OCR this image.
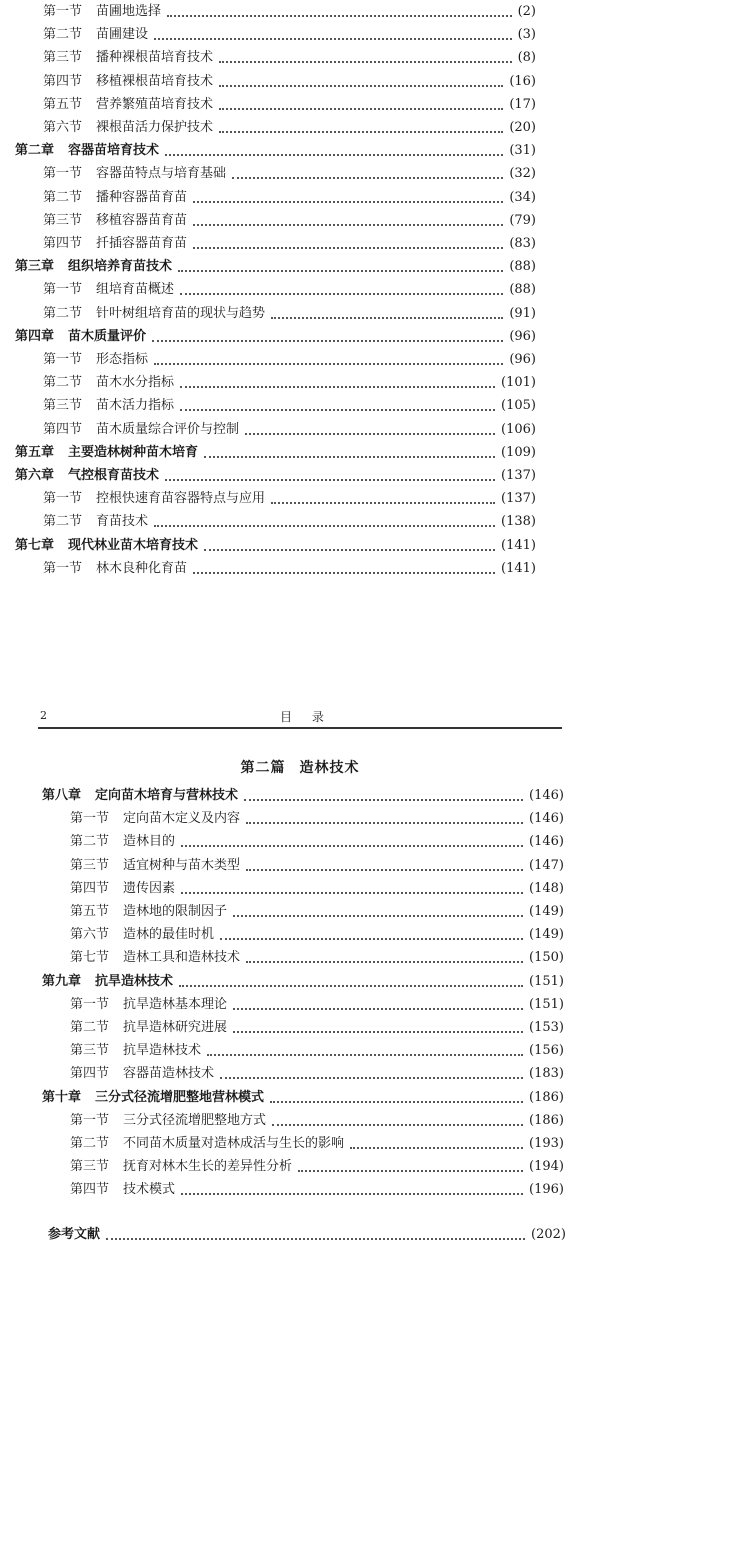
第一节 苗圃地选择	(2)
第二节 苗圃建设	(3)
第三节 播种裸根苗培育技术	(8)
第四节 移植裸根苗培育技术	(16)
第五节 营养繁殖苗培育技术	(17)
第六节 裸根苗活力保护技术	(20)
第二章 容器苗培育技术	(31)
第一节 容器苗特点与培育基础	(32)
第二节 播种容器苗育苗	(34)
第三节 移植容器苗育苗	(79)
第四节 扦插容器苗育苗	(83)
第三章 组织培养育苗技术	(88)
第一节 组培育苗概述	(88)
第二节 针叶树组培育苗的现状与趋势	(91)
第四章 苗木质量评价	(96)
第一节 形态指标	(96)
第二节 苗木水分指标	(101)
第三节 苗木活力指标	(105)
第四节 苗木质量综合评价与控制	(106)
第五章 主要造林树种苗木培育	(109)
第六章 气控根育苗技术	(137)
第一节 控根快速育苗容器特点与应用	(137)
第二节 育苗技术	(138)
第七章 现代林业苗木培育技术	(141)
第一节 林木良种化育苗	(141)
2	目 录
第二篇 造林技术
第八章 定向苗木培育与营林技术	(146)
第一节 定向苗木定义及内容	(146)
第二节 造林目的	(146)
第三节 适宜树种与苗木类型	(147)
第四节 遗传因素	(148)
第五节 造林地的限制因子	(149)
第六节 造林的最佳时机	(149)
第七节 造林工具和造林技术	(150)
第九章 抗旱造林技术	(151)
第一节 抗旱造林基本理论	(151)
第二节 抗旱造林研究进展	(153)
第三节 抗旱造林技术	(156)
第四节 容器苗造林技术	(183)
第十章 三分式径流增肥整地营林模式	(186)
第一节 三分式径流增肥整地方式	(186)
第二节 不同苗木质量对造林成活与生长的影响	(193)
第三节 抚育对林木生长的差异性分析	(194)
第四节 技术模式	(196)
参考文献	(202)
